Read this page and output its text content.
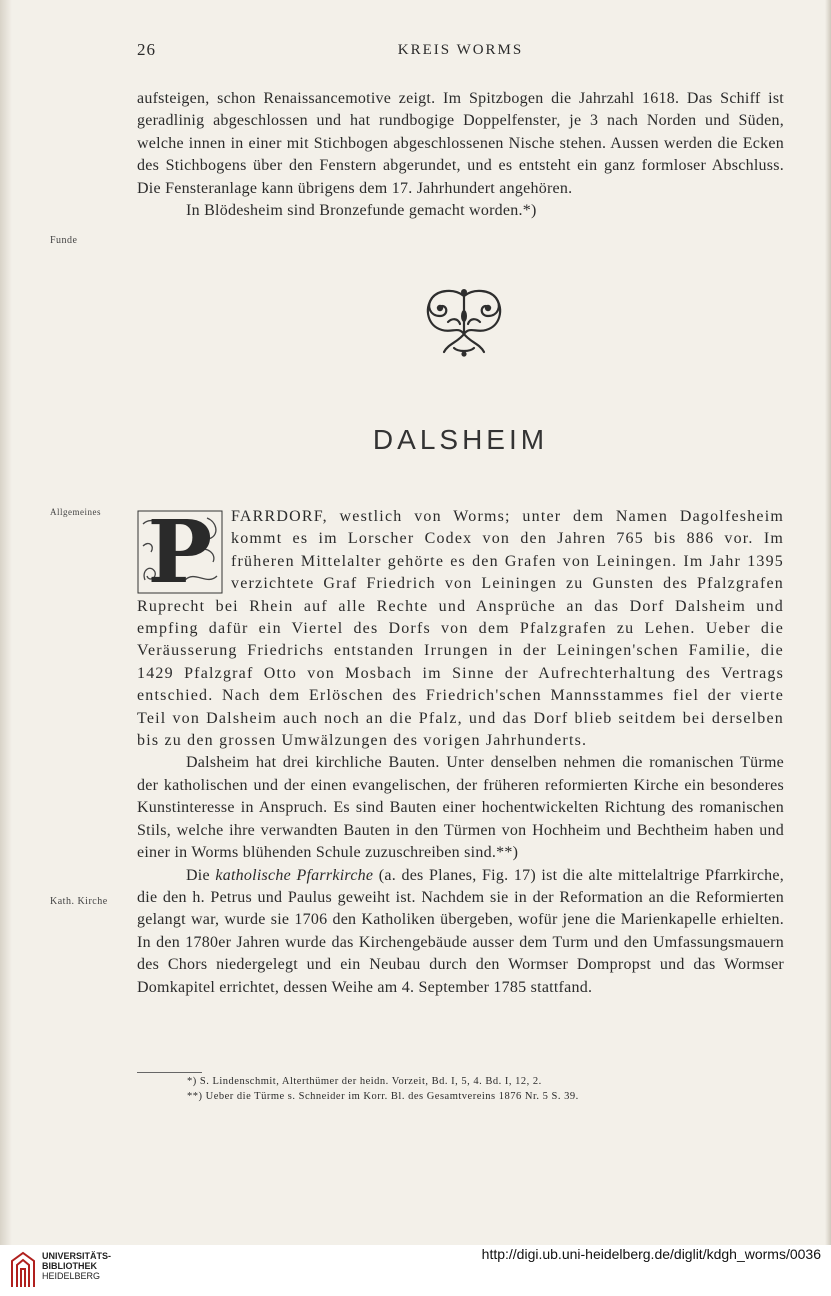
26	KREIS WORMS

aufsteigen, schon Renaissancemotive zeigt. Im Spitzbogen die Jahrzahl 1618. Das Schiff ist geradlinig abgeschlossen und hat rundbogige Doppelfenster, je 3 nach Norden und Süden, welche innen in einer mit Stichbogen abgeschlossenen Nische stehen. Aussen werden die Ecken des Stichbogens über den Fenstern abgerundet, und es entsteht ein ganz formloser Abschluss. Die Fensteranlage kann übrigens dem 17. Jahrhundert angehören.

In Blödesheim sind Bronzefunde gemacht worden.*)

Funde
DALSHEIM
Allgemeines P FARRDORF, westlich von Worms; unter dem Namen Dagolfesheim kommt es im Lorscher Codex von den Jahren 765 bis 886 vor. Im früheren Mittelalter gehörte es den Grafen von Leiningen. Im Jahr 1395 verzichtete Graf Friedrich von Leiningen zu Gunsten des Pfalzgrafen Ruprecht bei Rhein auf alle Rechte und Ansprüche an das Dorf Dalsheim und empfing dafür ein Viertel des Dorfs von dem Pfalzgrafen zu Lehen. Ueber die Veräusserung Friedrichs entstanden Irrungen in der Leiningen'schen Familie, die 1429 Pfalzgraf Otto von Mosbach im Sinne der Aufrechterhaltung des Vertrags entschied. Nach dem Erlöschen des Friedrich'schen Mannsstammes fiel der vierte Teil von Dalsheim auch noch an die Pfalz, und das Dorf blieb seitdem bei derselben bis zu den grossen Umwälzungen des vorigen Jahrhunderts.

Dalsheim hat drei kirchliche Bauten. Unter denselben nehmen die romanischen Türme der katholischen und der einen evangelischen, der früheren reformierten Kirche ein besonderes Kunstinteresse in Anspruch. Es sind Bauten einer hochentwickelten Richtung des romanischen Stils, welche ihre verwandten Bauten in den Türmen von Hochheim und Bechtheim haben und einer in Worms blühenden Schule zuzuschreiben sind.**)

Die katholische Pfarrkirche (a. des Planes, Fig. 17) ist die alte mittelaltrige Pfarrkirche, die den h. Petrus und Paulus geweiht ist. Nachdem sie in der Reformation an die Reformierten gelangt war, wurde sie 1706 den Katholiken übergeben, wofür jene die Marienkapelle erhielten. In den 1780er Jahren wurde das Kirchengebäude ausser dem Turm und den Umfassungsmauern des Chors niedergelegt und ein Neubau durch den Wormser Dompropst und das Wormser Domkapitel errichtet, dessen Weihe am 4. September 1785 stattfand.

Kath. Kirche

*) S. Lindenschmit, Alterthümer der heidn. Vorzeit, Bd. I, 5, 4. Bd. I, 12, 2.

**) Ueber die Türme s. Schneider im Korr. Bl. des Gesamtvereins 1876 Nr. 5 S. 39.

UNIVERSITÄTS-
BIBLIOTHEK
HEIDELBERG
http://digi.ub.uni-heidelberg.de/diglit/kdgh_worms/0036
